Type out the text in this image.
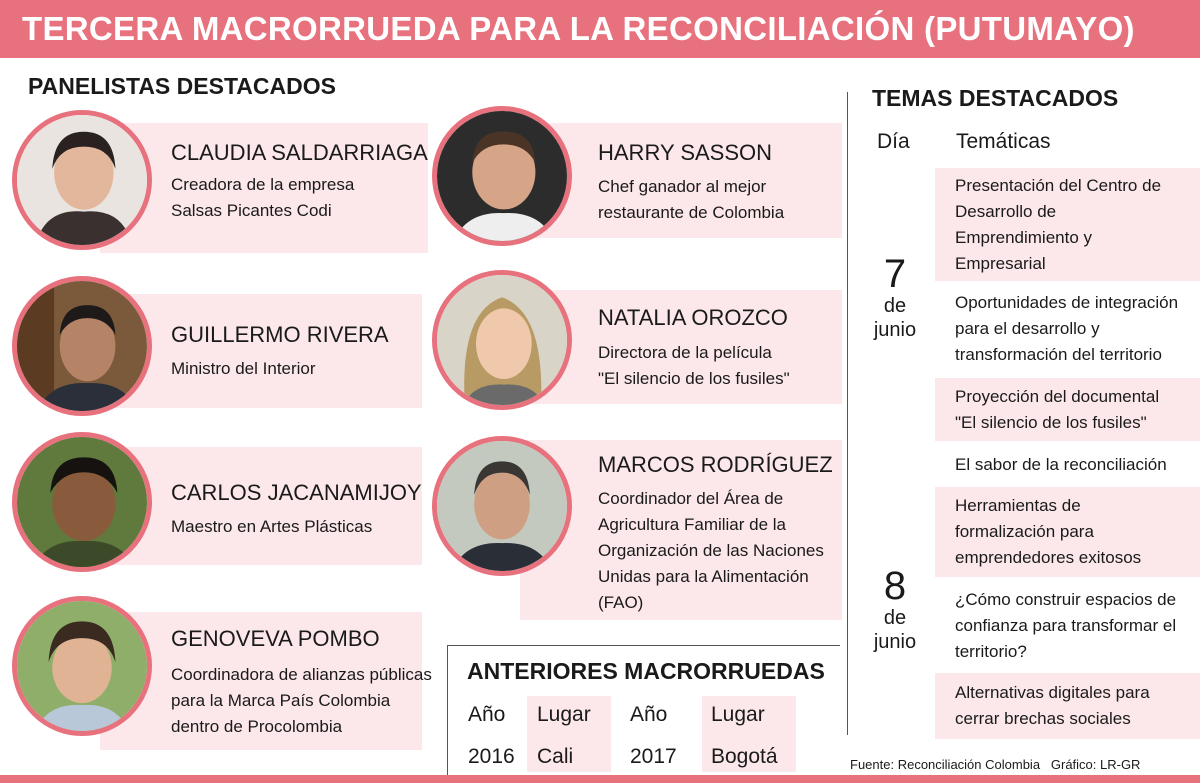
TERCERA MACRORRUEDA PARA LA RECONCILIACIÓN (PUTUMAYO)
PANELISTAS DESTACADOS
CLAUDIA SALDARRIAGA
Creadora de la empresa
Salsas Picantes Codi
GUILLERMO RIVERA
Ministro del Interior
CARLOS JACANAMIJOY
Maestro en Artes Plásticas
GENOVEVA POMBO
Coordinadora de alianzas públicas
para la Marca País Colombia
dentro de Procolombia
HARRY SASSON
Chef ganador al mejor
restaurante de Colombia
NATALIA OROZCO
Directora de la película
"El silencio de los fusiles"
MARCOS RODRÍGUEZ
Coordinador del Área de
Agricultura Familiar de la
Organización de las Naciones
Unidas para la Alimentación
(FAO)
ANTERIORES MACRORRUEDAS
Año Lugar Año Lugar
2016 Cali	2017 Bogotá
TEMAS DESTACADOS
Día Temáticas
7
de
junio
8
de
junio
Presentación del Centro de
Desarrollo de
Emprendimiento y
Empresarial
Oportunidades de integración
para el desarrollo y
transformación del territorio
Proyección del documental
"El silencio de los fusiles"
El sabor de la reconciliación
Herramientas de
formalización para
emprendedores exitosos
¿Cómo construir espacios de
confianza para transformar el
territorio?
Alternativas digitales para
cerrar brechas sociales
Fuente: Reconciliación Colombia   Gráfico: LR-GR
